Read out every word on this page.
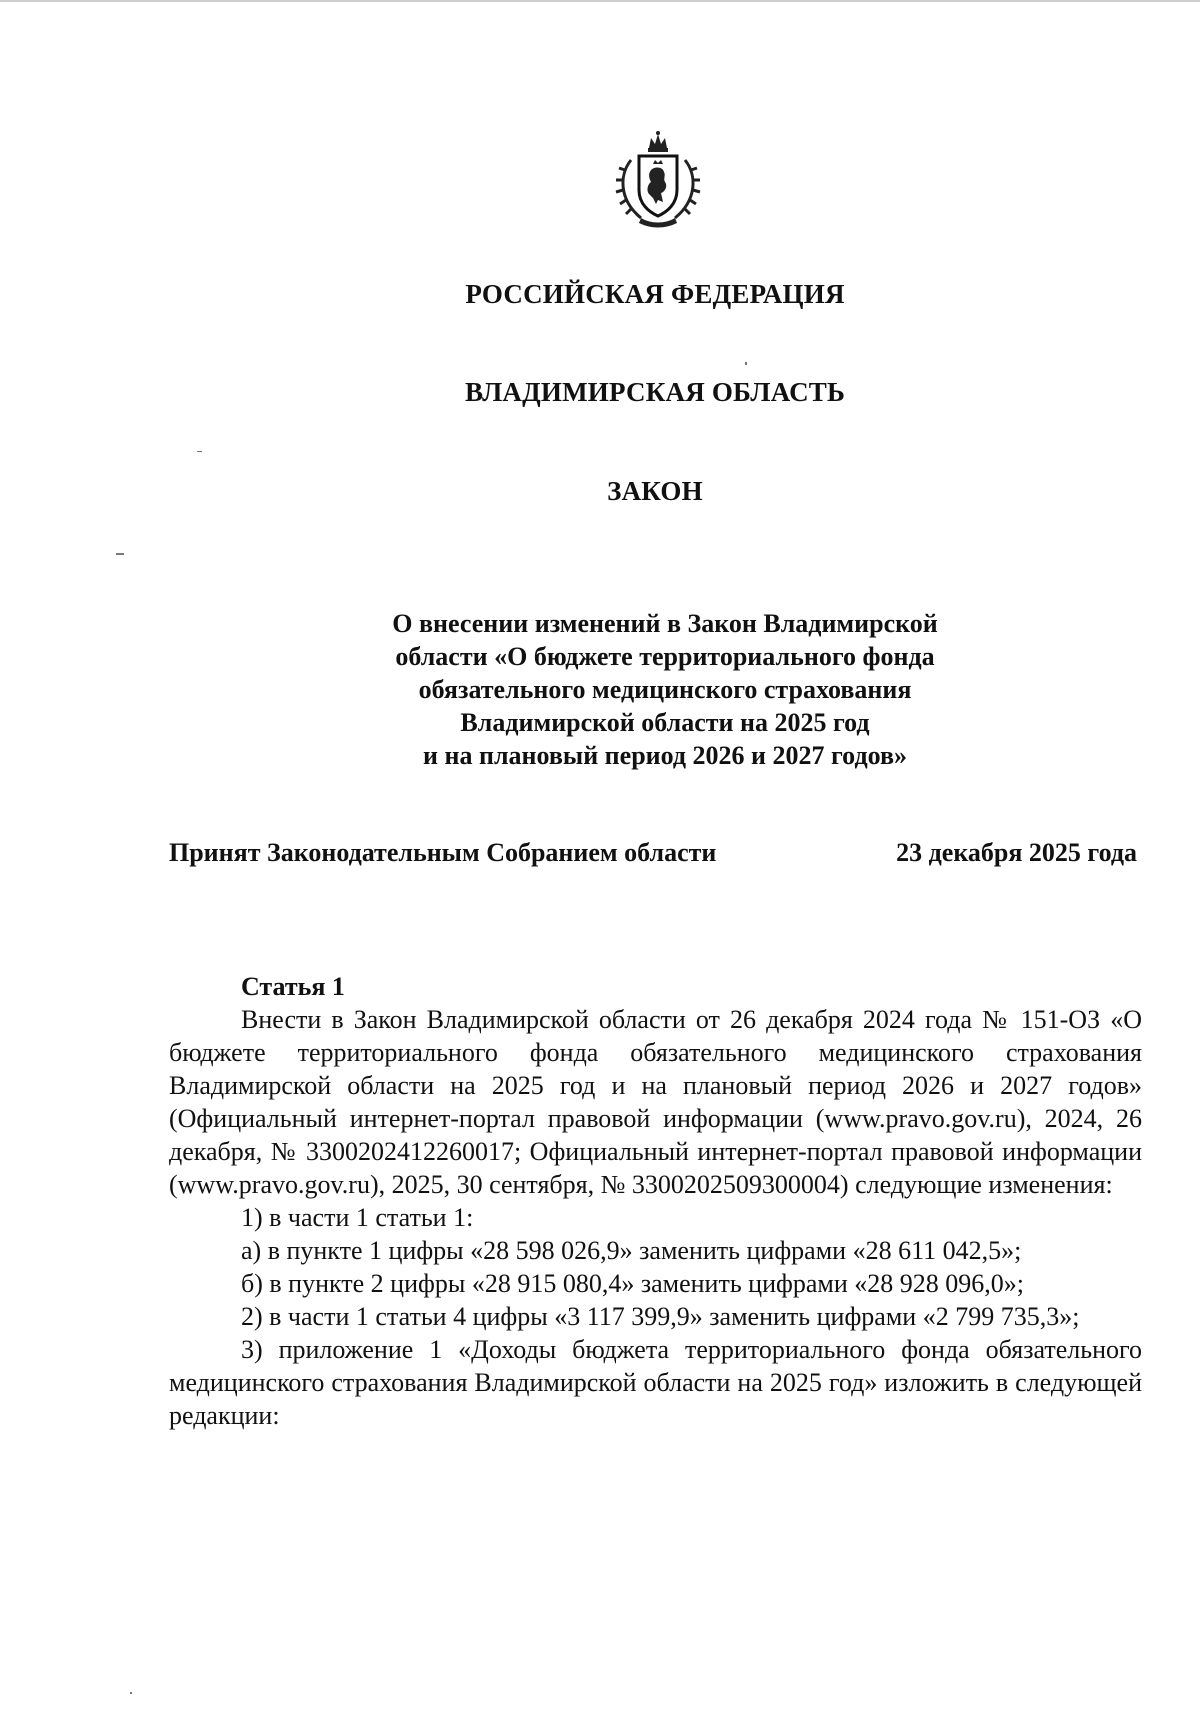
РОССИЙСКАЯ ФЕДЕРАЦИЯ
ВЛАДИМИРСКАЯ ОБЛАСТЬ
ЗАКОН
О внесении изменений в Закон Владимирской
области «О бюджете территориального фонда
обязательного медицинского страхования
Владимирской области на 2025 год
и на плановый период 2026 и 2027 годов»
Принят Законодательным Собранием области	23 декабря 2025 года
Статья 1

Внести в Закон Владимирской области от 26 декабря 2024 года № 151-ОЗ «О бюджете территориального фонда обязательного медицинского страхования Владимирской области на 2025 год и на плановый период 2026 и 2027 годов» (Официальный интернет-портал правовой информации (www.pravo.gov.ru), 2024, 26 декабря, № 3300202412260017; Официальный интернет-портал правовой информации (www.pravo.gov.ru), 2025, 30 сентября, № 3300202509300004) следующие изменения:

1) в части 1 статьи 1:

а) в пункте 1 цифры «28 598 026,9» заменить цифрами «28 611 042,5»;

б) в пункте 2 цифры «28 915 080,4» заменить цифрами «28 928 096,0»;

2) в части 1 статьи 4 цифры «3 117 399,9» заменить цифрами «2 799 735,3»;

3) приложение 1 «Доходы бюджета территориального фонда обязательного медицинского страхования Владимирской области на 2025 год» изложить в следующей редакции:
